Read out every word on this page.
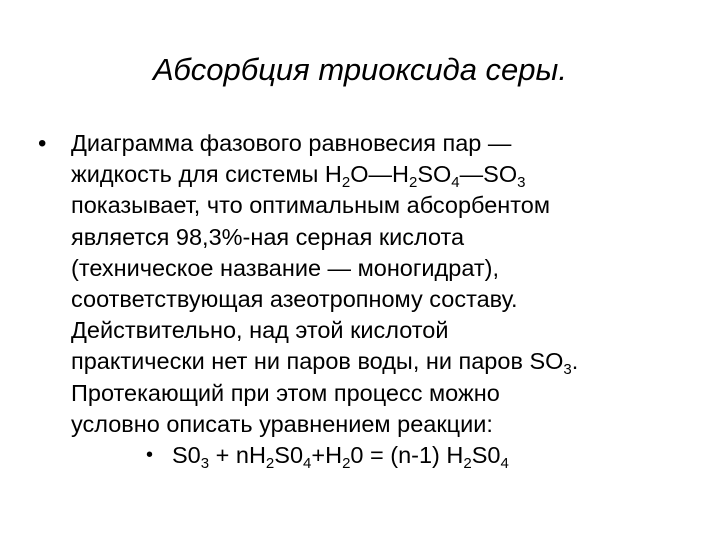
Абсорбция триоксида серы.
• Диаграмма фазового равновесия пар —
жидкость для системы $H_2O—H_2SO_4—SO_3$
показывает, что оптимальным абсорбентом
является 98,3%-ная серная кислота
(техническое название — моногидрат),
соответствующая азеотропному составу.
Действительно, над этой кислотой
практически нет ни паров воды, ни паров $SO_3$.
Протекающий при этом процесс можно
условно описать уравнением реакции:
• $S0_3 + nH_2S0_4+H_20 = (n-1)$ $H_2S0_4$
